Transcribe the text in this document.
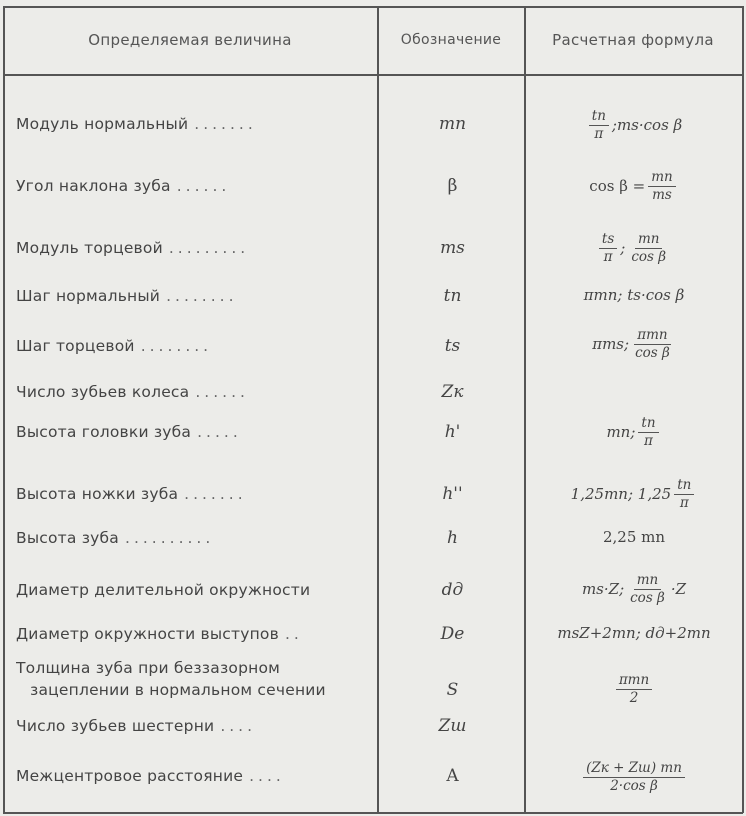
Определяемая величина	Обозначение	Расчетная формула
Модуль нормальный .......	mn	$\frac{tn}{\pi}$ ; ms·cos β
Угол наклона зуба ......	β	$\cos \beta = \frac{mn}{ms}$
Модуль торцевой .........	ms	$\frac{ts}{\pi}$ ; $\frac{mn}{\text{cos β}}$
Шаг нормальный ........	tn	πmn; ts·cos β
Шаг торцевой ........	ts	πms; $\frac{\text{πmn}}{\text{cos β}}$
Число зубьев колеса ......	Zк
Высота головки зуба .....	h'	mn; $\frac{tn}{\pi}$
Высота ножки зуба .......	h''	1,25mn; $1,25 \frac{tn}{\pi}$
Высота зуба ..........	h	2,25 mn
Диаметр делительной окружности	dд	ms·Z; $\frac{mn}{\text{cos β}} \cdot Z$
Диаметр окружности выступов ..	Dе	msZ+2mn; dд+2mn
Толщина зуба при беззазорном
зацеплении в нормальном сечении	S	$\frac{\text{πmn}}{2}$
Число зубьев шестерни ....	Zш
Межцентровое расстояние ....	A	$\frac{(Zк + Zш) mn}{\text{2·cos β}}$
